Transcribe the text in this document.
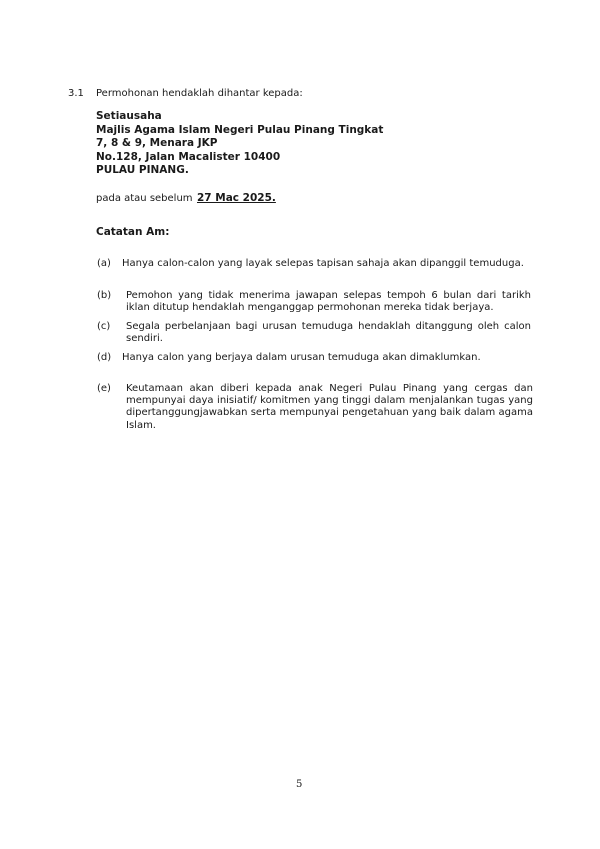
3.1 Permohonan hendaklah dihantar kepada:
Setiausaha
Majlis Agama Islam Negeri Pulau Pinang Tingkat
7, 8 & 9, Menara JKP
No.128, Jalan Macalister 10400
PULAU PINANG.
pada atau sebelum 27 Mac 2025.
Catatan Am:
(a) Hanya calon-calon yang layak selepas tapisan sahaja akan dipanggil temuduga.
(b) Pemohon yang tidak menerima jawapan selepas tempoh 6 bulan dari tarikh iklan ditutup hendaklah menganggap permohonan mereka tidak berjaya.
(c) Segala perbelanjaan bagi urusan temuduga hendaklah ditanggung oleh calon sendiri.
(d) Hanya calon yang berjaya dalam urusan temuduga akan dimaklumkan.
(e) Keutamaan akan diberi kepada anak Negeri Pulau Pinang yang cergas dan mempunyai daya inisiatif/ komitmen yang tinggi dalam menjalankan tugas yang dipertanggungjawabkan serta mempunyai pengetahuan yang baik dalam agama Islam.
5
